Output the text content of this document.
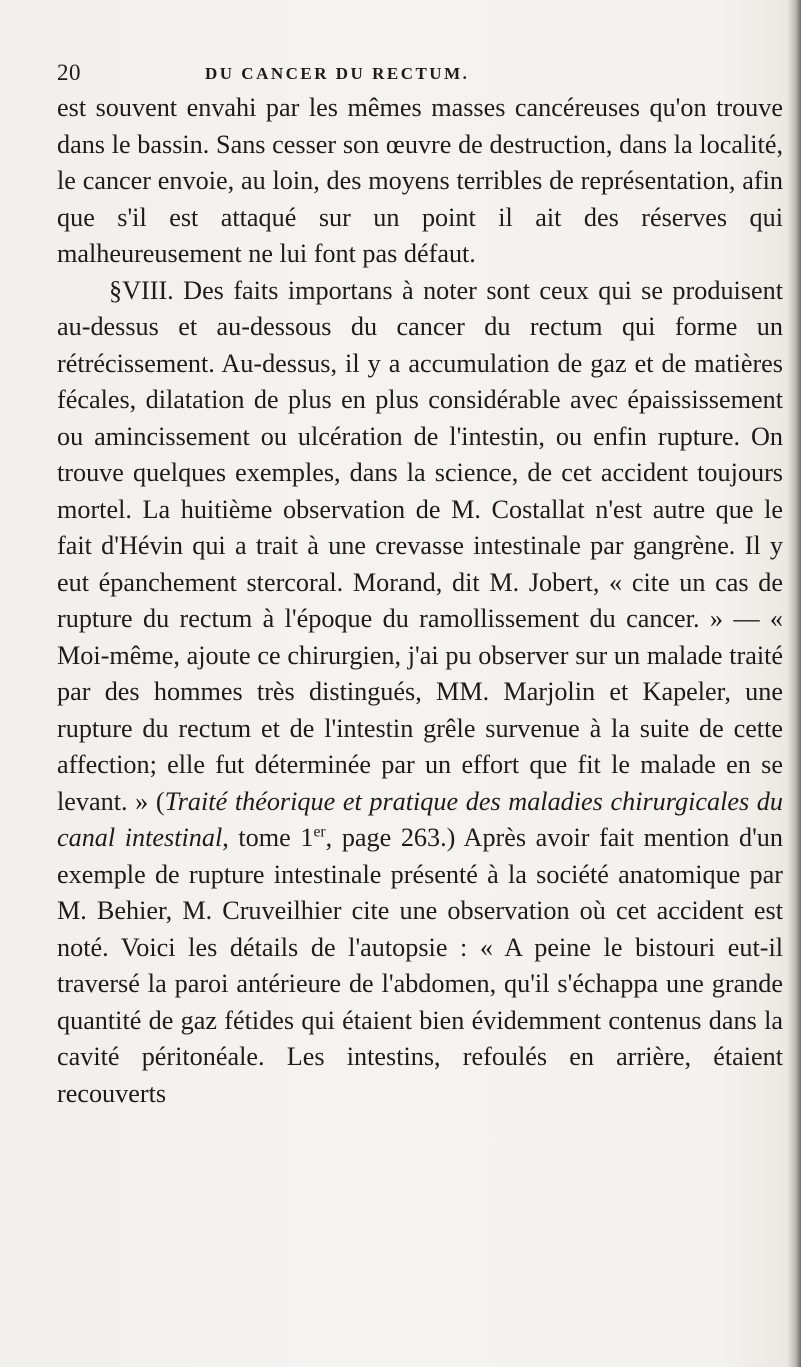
20	DU CANCER DU RECTUM.

est souvent envahi par les mêmes masses cancéreuses qu'on trouve dans le bassin. Sans cesser son œuvre de destruction, dans la localité, le cancer envoie, au loin, des moyens terribles de représentation, afin que s'il est attaqué sur un point il ait des réserves qui malheureusement ne lui font pas défaut.

§VIII. Des faits importans à noter sont ceux qui se produisent au-dessus et au-dessous du cancer du rectum qui forme un rétrécissement. Au-dessus, il y a accumulation de gaz et de matières fécales, dilatation de plus en plus considérable avec épaississement ou amincissement ou ulcération de l'intestin, ou enfin rupture. On trouve quelques exemples, dans la science, de cet accident toujours mortel. La huitième observation de M. Costallat n'est autre que le fait d'Hévin qui a trait à une crevasse intestinale par gangrène. Il y eut épanchement stercoral. Morand, dit M. Jobert, « cite un cas de rupture du rectum à l'époque du ramollissement du cancer. » — « Moi-même, ajoute ce chirurgien, j'ai pu observer sur un malade traité par des hommes très distingués, MM. Marjolin et Kapeler, une rupture du rectum et de l'intestin grêle survenue à la suite de cette affection; elle fut déterminée par un effort que fit le malade en se levant. » (Traité théorique et pratique des maladies chirurgicales du canal intestinal, tome 1er, page 263.) Après avoir fait mention d'un exemple de rupture intestinale présenté à la société anatomique par M. Behier, M. Cruveilhier cite une observation où cet accident est noté. Voici les détails de l'autopsie : « A peine le bistouri eut-il traversé la paroi antérieure de l'abdomen, qu'il s'échappa une grande quantité de gaz fétides qui étaient bien évidemment contenus dans la cavité péritonéale. Les intestins, refoulés en arrière, étaient recouverts
